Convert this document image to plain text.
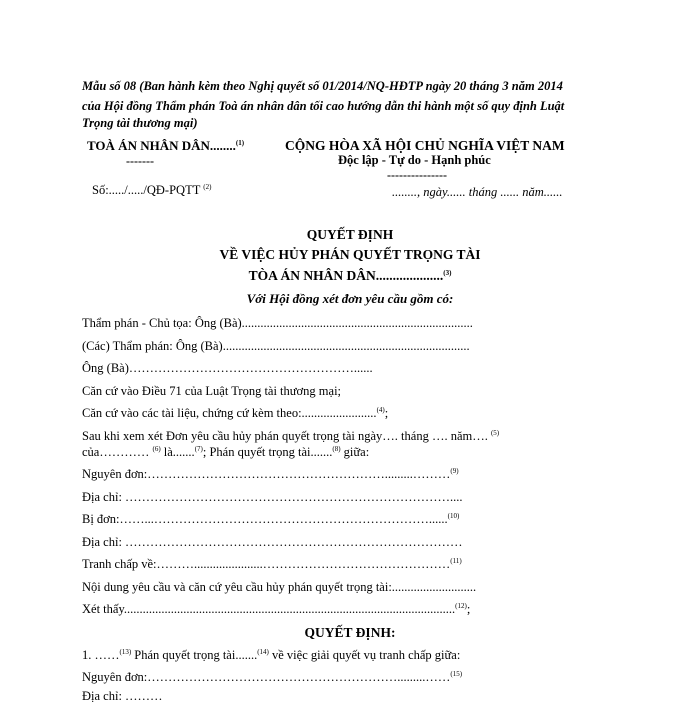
Mẫu số 08 (Ban hành kèm theo Nghị quyết số 01/2014/NQ-HĐTP ngày 20 tháng 3 năm 2014
của Hội đồng Thẩm phán Toà án nhân dân tối cao hướng dẫn thi hành một số quy định Luật
Trọng tài thương mại)
TOÀ ÁN NHÂN DÂN........$^{(1)}$
-------
Số:...../...../QĐ-PQTT $^{(2)}$
CỘNG HÒA XÃ HỘI CHỦ NGHĨA VIỆT NAM
Độc lập - Tự do - Hạnh phúc
---------------
........, ngày...... tháng ...... năm......
QUYẾT ĐỊNH
VỀ VIỆC HỦY PHÁN QUYẾT TRỌNG TÀI
TÒA ÁN NHÂN DÂN....................$^{(3)}$
Với Hội đồng xét đơn yêu cầu gồm có:
Thẩm phán - Chủ tọa: Ông (Bà)..........................................................................
(Các) Thẩm phán: Ông (Bà)...............................................................................
Ông (Bà)………………………………………………......
Căn cứ vào Điều 71 của Luật Trọng tài thương mại;
Căn cứ vào các tài liệu, chứng cứ kèm theo:........................$^{(4)}$;
Sau khi xem xét Đơn yêu cầu hủy phán quyết trọng tài ngày…. tháng …. năm…. $^{(5)}$
của………… $^{(6)}$ là.......$^{(7)}$; Phán quyết trọng tài.......$^{(8)}$ giữa:
Nguyên đơn:………………………………………………….........………$^{(9)}$
Địa chỉ: ……………………………………………………………………....
Bị đơn:……...…………………………………………………………......$^{(10)}$
Địa chỉ: ………………………………………………………………………
Tranh chấp về:………......................………………………………………$^{(11)}$
Nội dung yêu cầu và căn cứ yêu cầu hủy phán quyết trọng tài:...........................
Xét thấy..........................................................................................................$^{(12)}$;
QUYẾT ĐỊNH:
1. ……$^{(13)}$ Phán quyết trọng tài.......$^{(14)}$ về việc giải quyết vụ tranh chấp giữa:
Nguyên đơn:…………………………………………………….........……$^{(15)}$
Địa chỉ: ………
